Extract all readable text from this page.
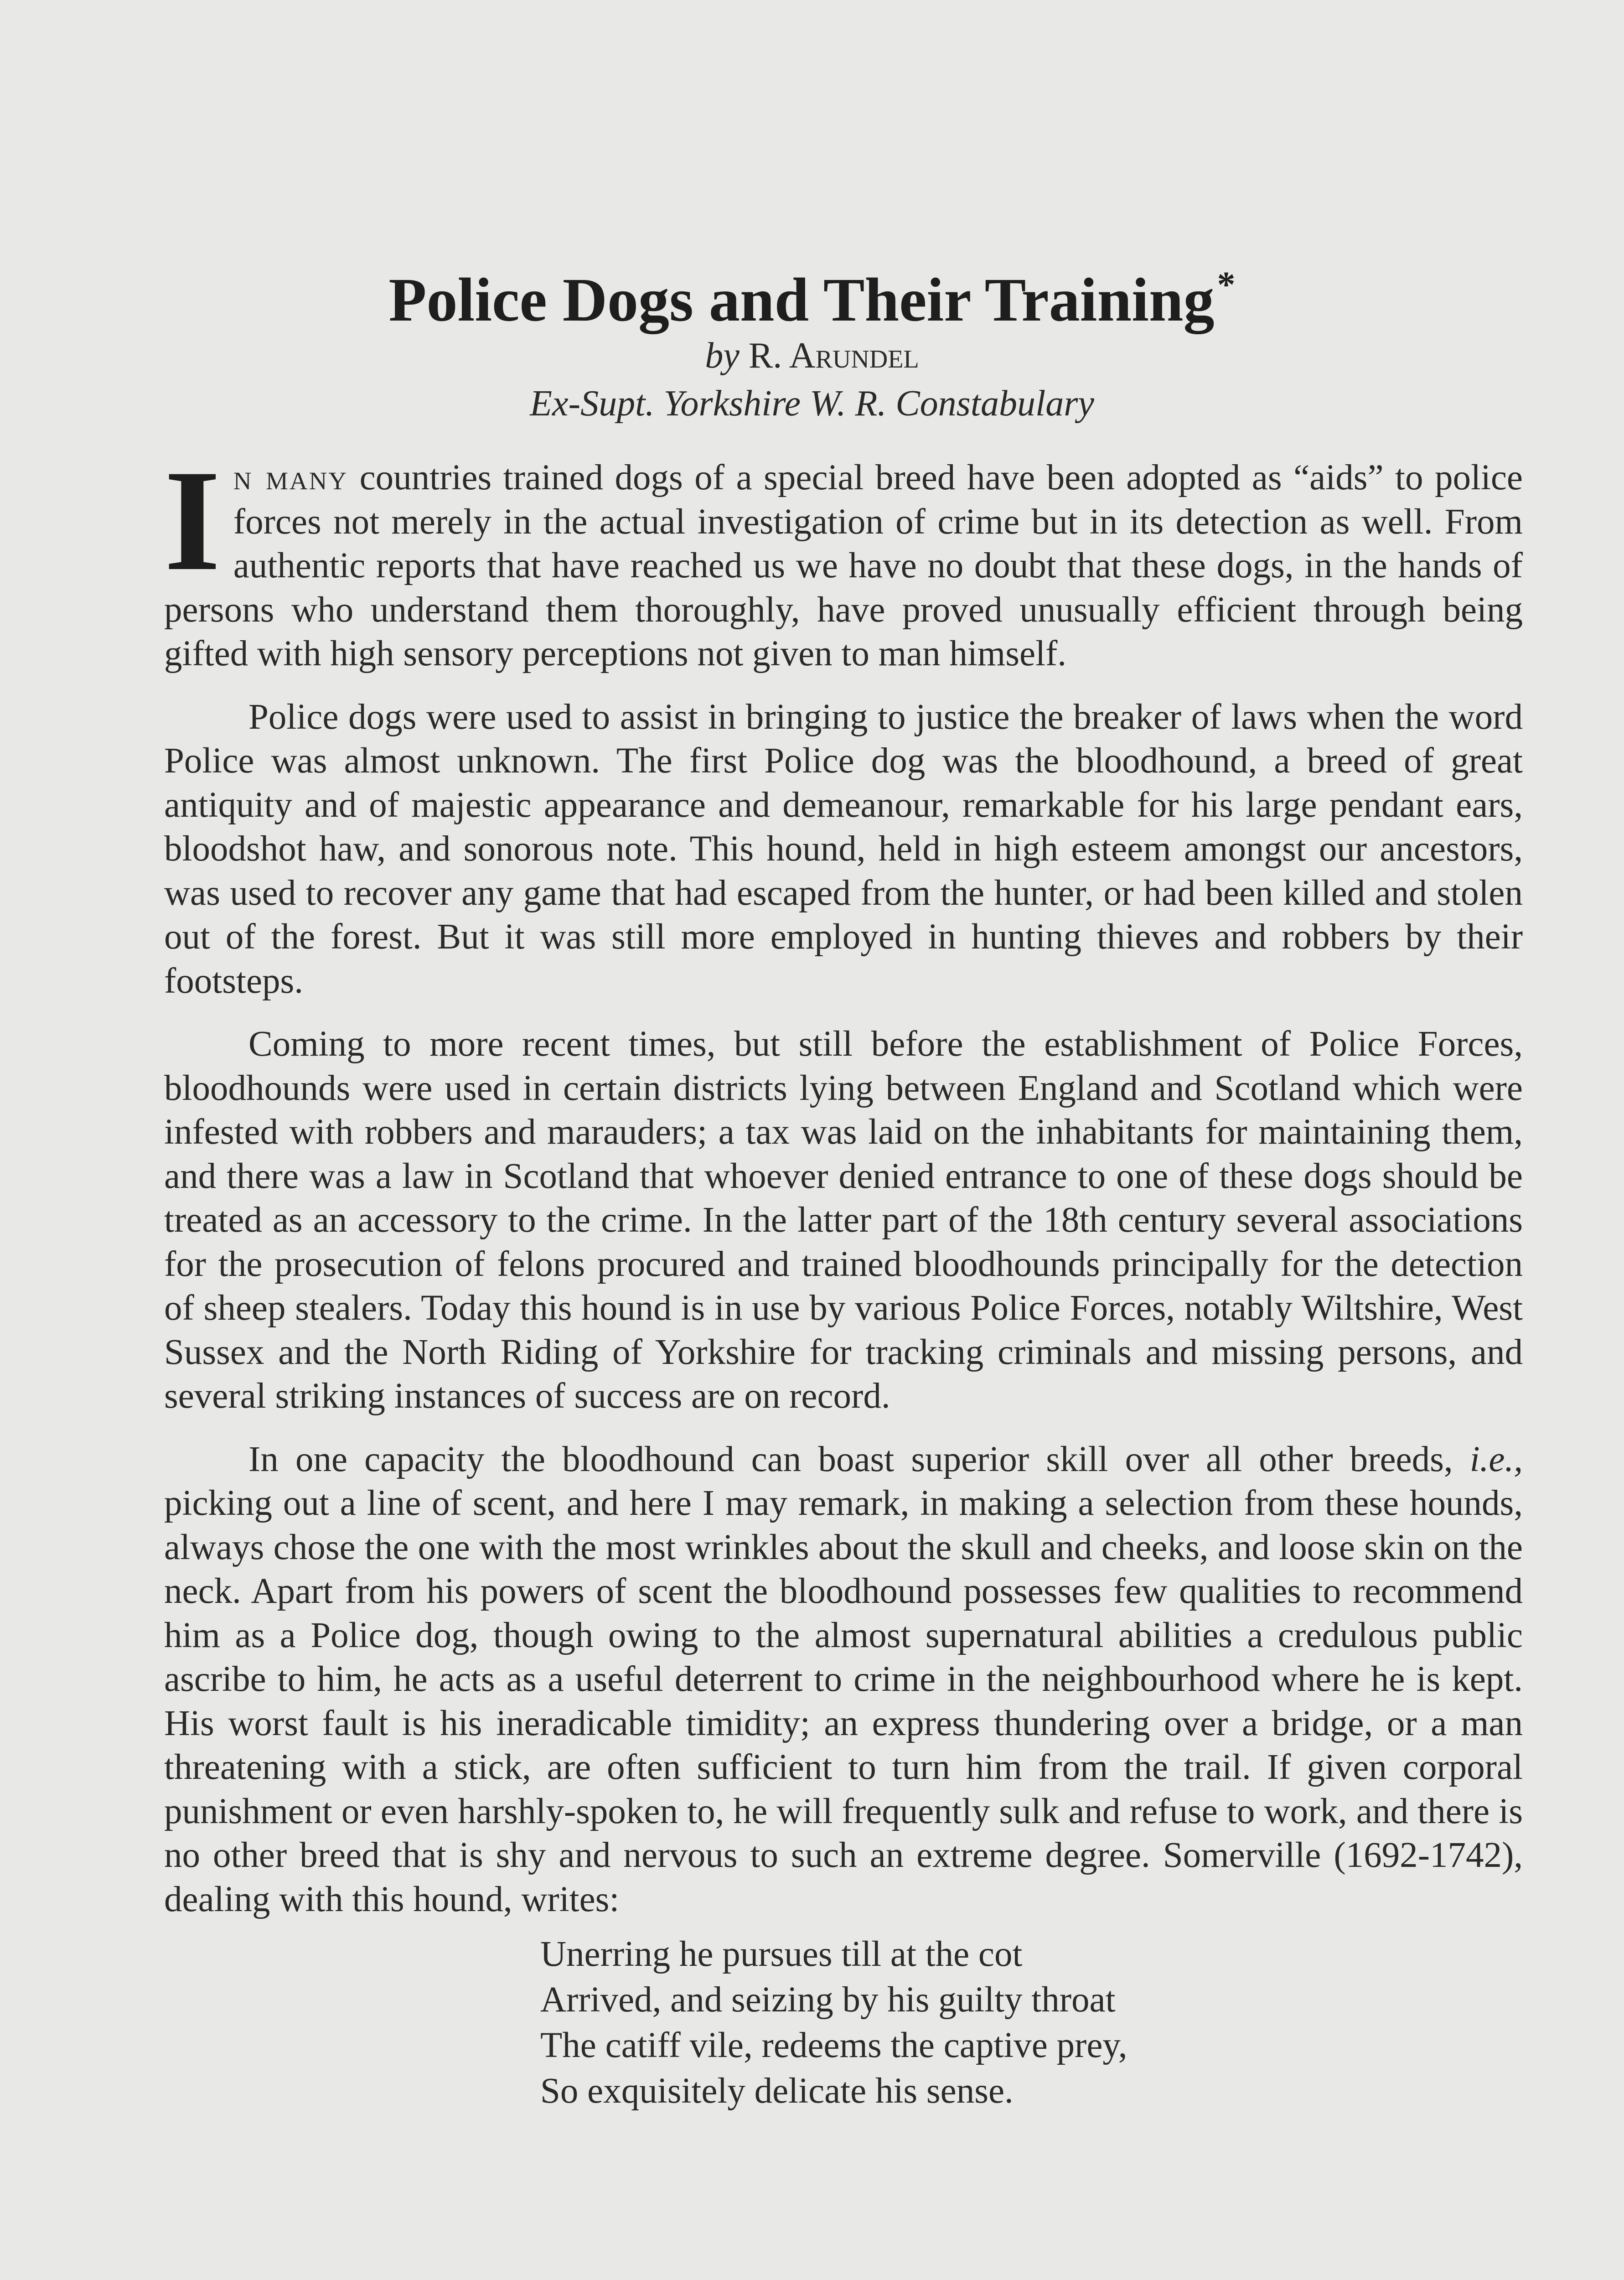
Police Dogs and Their Training*
by R. Arundel
Ex-Supt. Yorkshire W. R. Constabulary

In many countries trained dogs of a special breed have been adopted as “aids” to police forces not merely in the actual investigation of crime but in its detection as well. From authentic reports that have reached us we have no doubt that these dogs, in the hands of persons who understand them thoroughly, have proved unusually efficient through being gifted with high sensory perceptions not given to man himself.

Police dogs were used to assist in bringing to justice the breaker of laws when the word Police was almost unknown. The first Police dog was the bloodhound, a breed of great antiquity and of majestic appearance and demeanour, remarkable for his large pendant ears, bloodshot haw, and sonorous note. This hound, held in high esteem amongst our ancestors, was used to recover any game that had escaped from the hunter, or had been killed and stolen out of the forest. But it was still more employed in hunting thieves and robbers by their footsteps.

Coming to more recent times, but still before the establishment of Police Forces, bloodhounds were used in certain districts lying between England and Scotland which were infested with robbers and marauders; a tax was laid on the inhabitants for maintaining them, and there was a law in Scotland that whoever denied entrance to one of these dogs should be treated as an accessory to the crime. In the latter part of the 18th century several associations for the prosecution of felons procured and trained bloodhounds principally for the detection of sheep stealers. Today this hound is in use by various Police Forces, notably Wiltshire, West Sussex and the North Riding of Yorkshire for tracking criminals and missing persons, and several striking instances of success are on record.

In one capacity the bloodhound can boast superior skill over all other breeds, i.e., picking out a line of scent, and here I may remark, in making a selection from these hounds, always chose the one with the most wrinkles about the skull and cheeks, and loose skin on the neck. Apart from his powers of scent the bloodhound possesses few qualities to recommend him as a Police dog, though owing to the almost supernatural abilities a credulous public ascribe to him, he acts as a useful deterrent to crime in the neighbourhood where he is kept. His worst fault is his ineradicable timidity; an express thundering over a bridge, or a man threatening with a stick, are often sufficient to turn him from the trail. If given corporal punishment or even harshly-spoken to, he will frequently sulk and refuse to work, and there is no other breed that is shy and nervous to such an extreme degree. Somerville (1692-1742), dealing with this hound, writes:

Unerring he pursues till at the cot
Arrived, and seizing by his guilty throat
The catiff vile, redeems the captive prey,
So exquisitely delicate his sense.
